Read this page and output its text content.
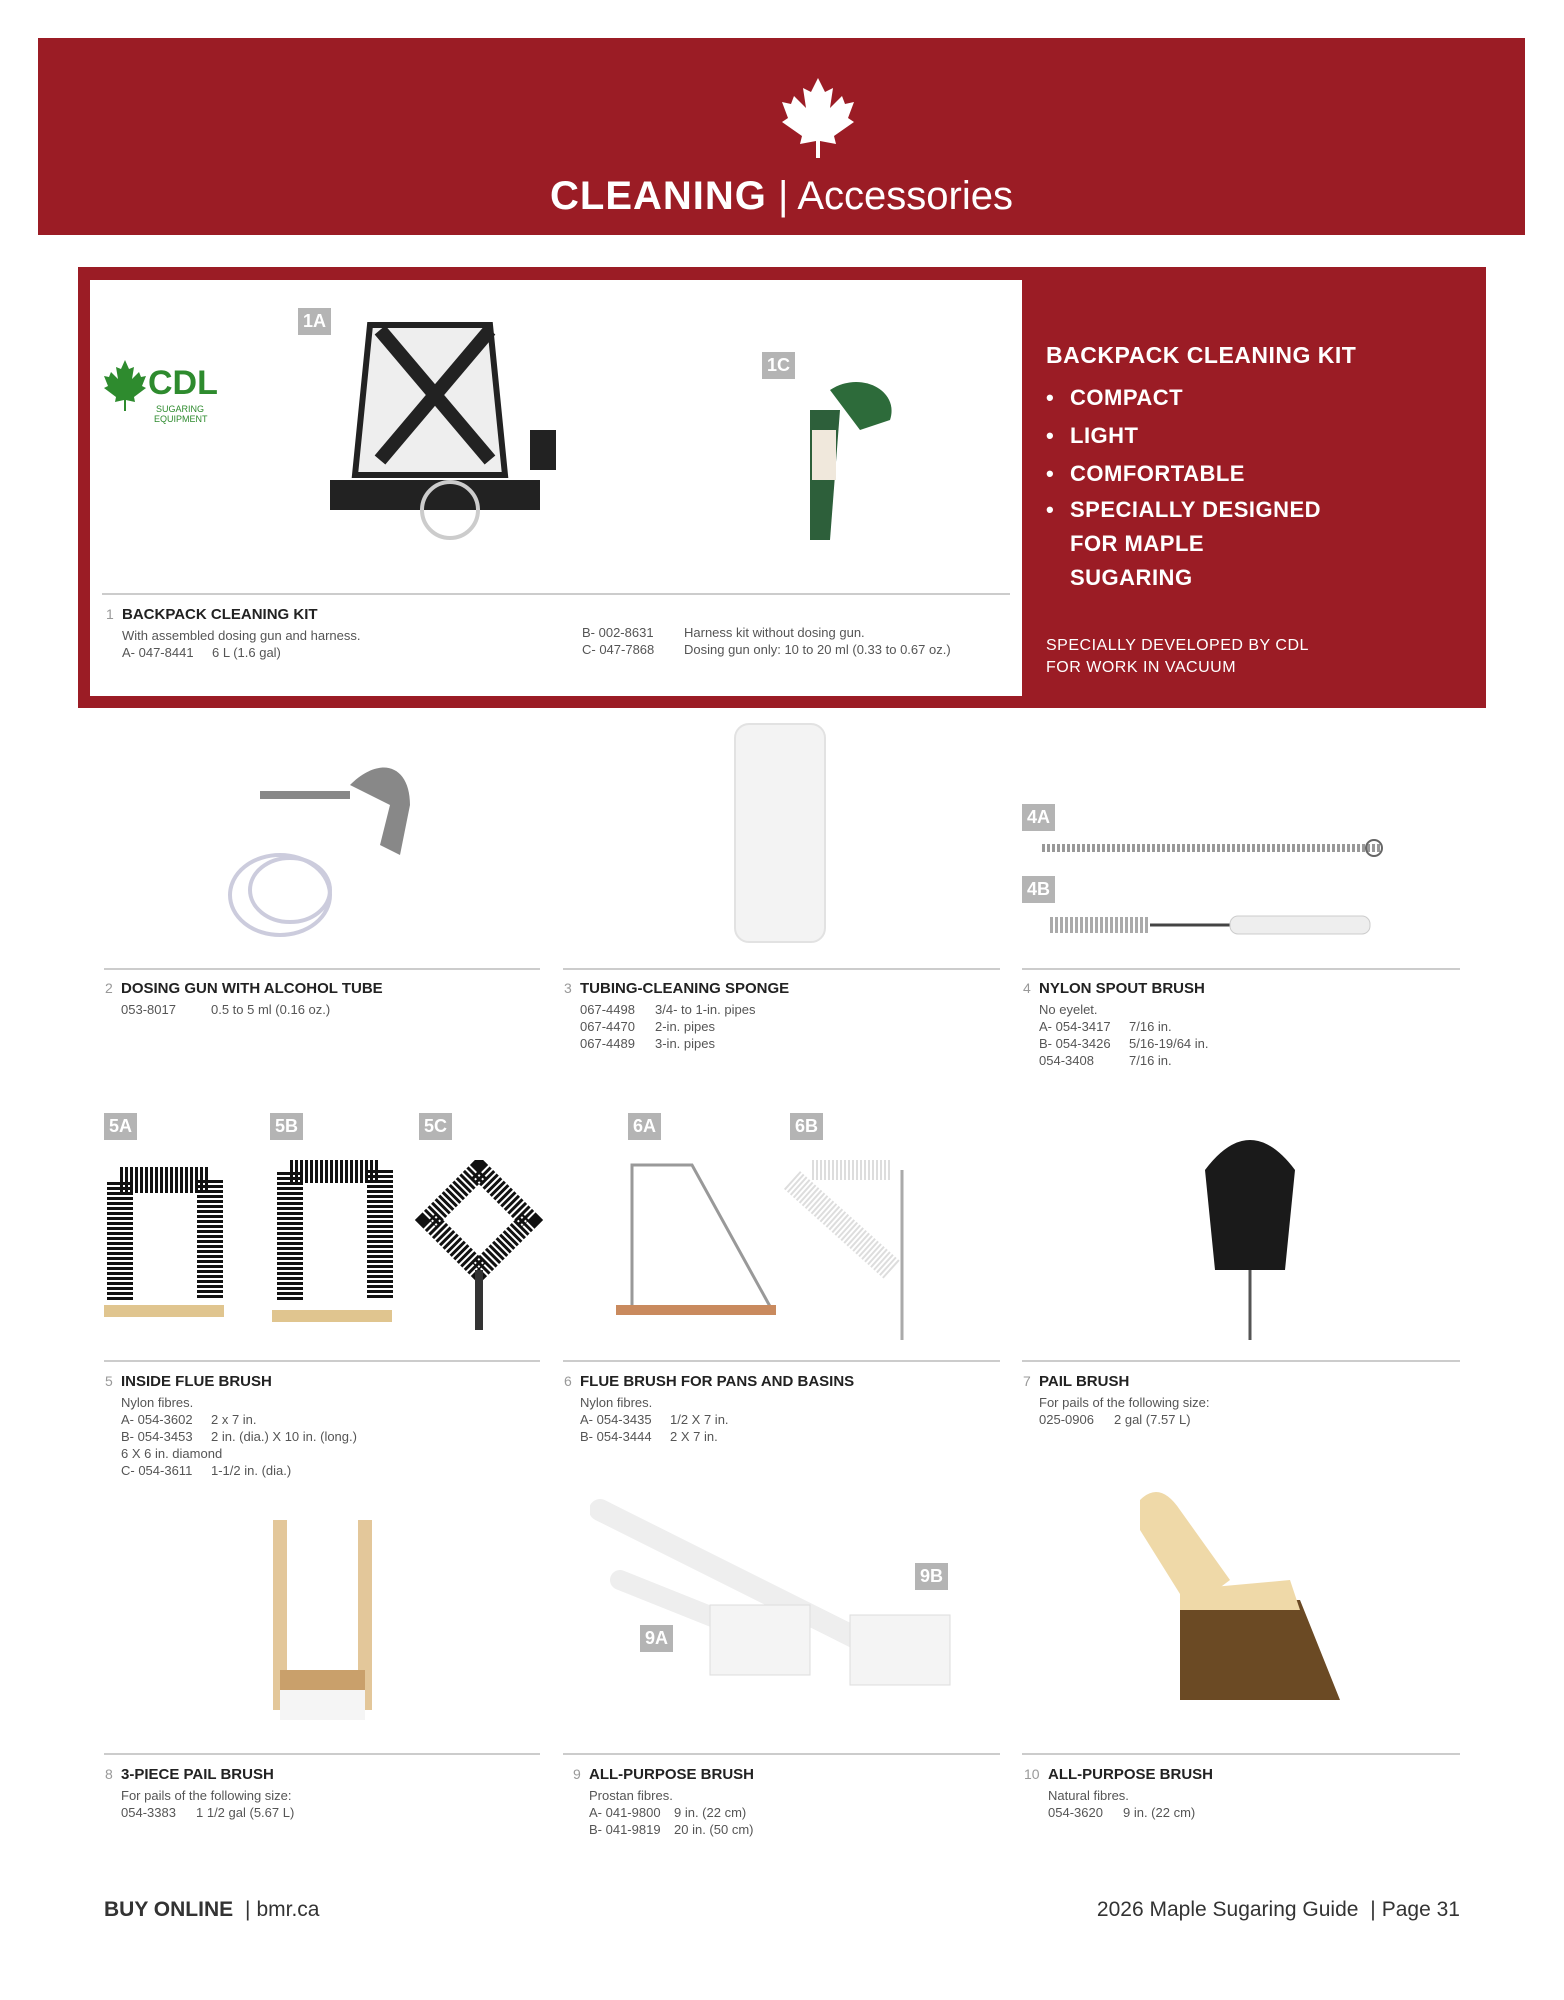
CLEANING | Accessories
CDL
SUGARING
EQUIPMENT
1A
1C
1 BACKPACK CLEANING KIT
With assembled dosing gun and harness.
A- 047-8441 6 L (1.6 gal)
B- 002-8631 Harness kit without dosing gun.
C- 047-7868 Dosing gun only: 10 to 20 ml (0.33 to 0.67 oz.)
BACKPACK CLEANING KIT
• COMPACT
• LIGHT
• COMFORTABLE
• SPECIALLY DESIGNED FOR MAPLE SUGARING
SPECIALLY DEVELOPED BY CDL
FOR WORK IN VACUUM
4A
4B
2 DOSING GUN WITH ALCOHOL TUBE
053-8017	0.5 to 5 ml (0.16 oz.)
3 TUBING-CLEANING SPONGE
067-4498 3/4- to 1-in. pipes
067-4470 2-in. pipes
067-4489 3-in. pipes
4 NYLON SPOUT BRUSH
No eyelet.
A- 054-3417 7/16 in.
B- 054-3426 5/16-19/64 in.
054-3408	7/16 in.
5A	5B	5C	6A	6B
5 INSIDE FLUE BRUSH
Nylon fibres.
A- 054-3602 2 x 7 in.
B- 054-3453 2 in. (dia.) X 10 in. (long.)
6 X 6 in. diamond
C- 054-3611 1-1/2 in. (dia.)
6 FLUE BRUSH FOR PANS AND BASINS
Nylon fibres.
A- 054-3435 1/2 X 7 in.
B- 054-3444 2 X 7 in.
7 PAIL BRUSH
For pails of the following size:
025-0906 2 gal (7.57 L)
9A
9B
8 3-PIECE PAIL BRUSH
For pails of the following size:
054-3383 1 1/2 gal (5.67 L)
9 ALL-PURPOSE BRUSH
Prostan fibres.
A- 041-9800 9 in. (22 cm)
B- 041-9819 20 in. (50 cm)
10 ALL-PURPOSE BRUSH
Natural fibres.
054-3620 9 in. (22 cm)
BUY ONLINE | bmr.ca	2026 Maple Sugaring Guide | Page 31
